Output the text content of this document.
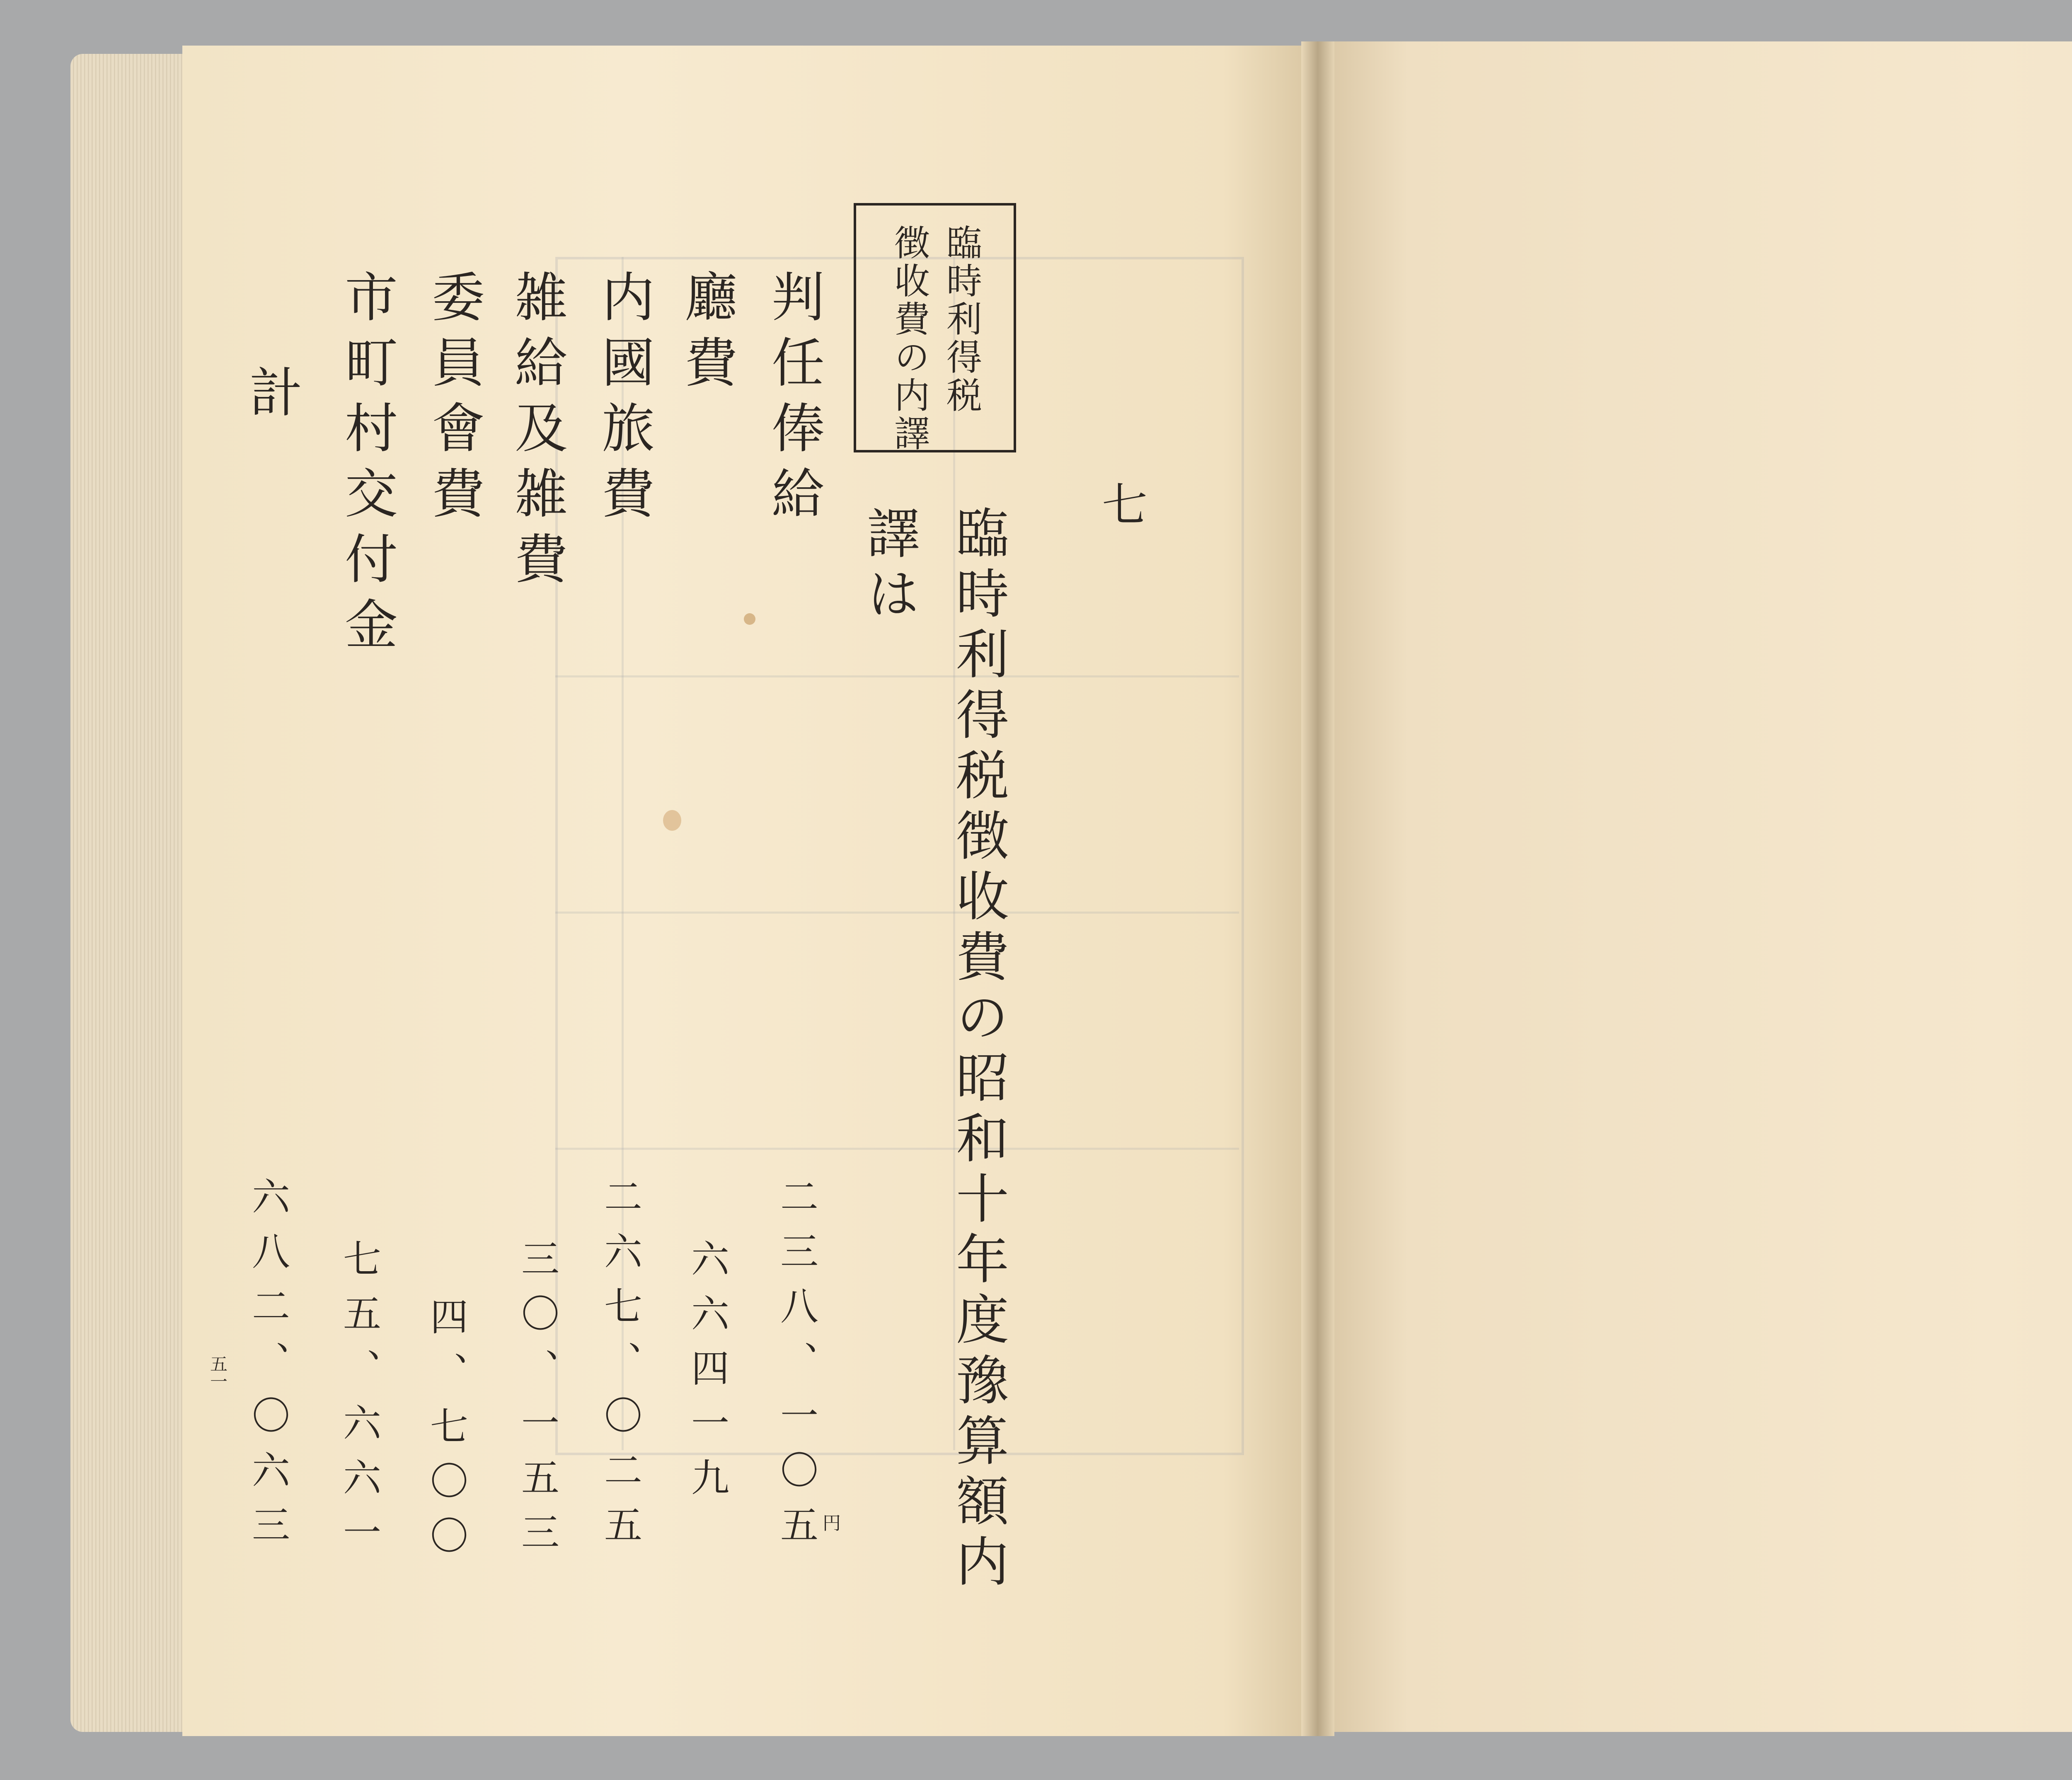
臨時利得税
徴收費の内譯
七
臨時利得税徴收費の昭和十年度豫算額内
譯は
判任俸給
廳費
内國旅費
雑給及雑費
委員會費
市町村交付金
計
二三八、一〇五 円
六六四一九
二六七、〇二五
三〇、一五三
四、七〇〇
七五、六六一
六八二、〇六三
五一
